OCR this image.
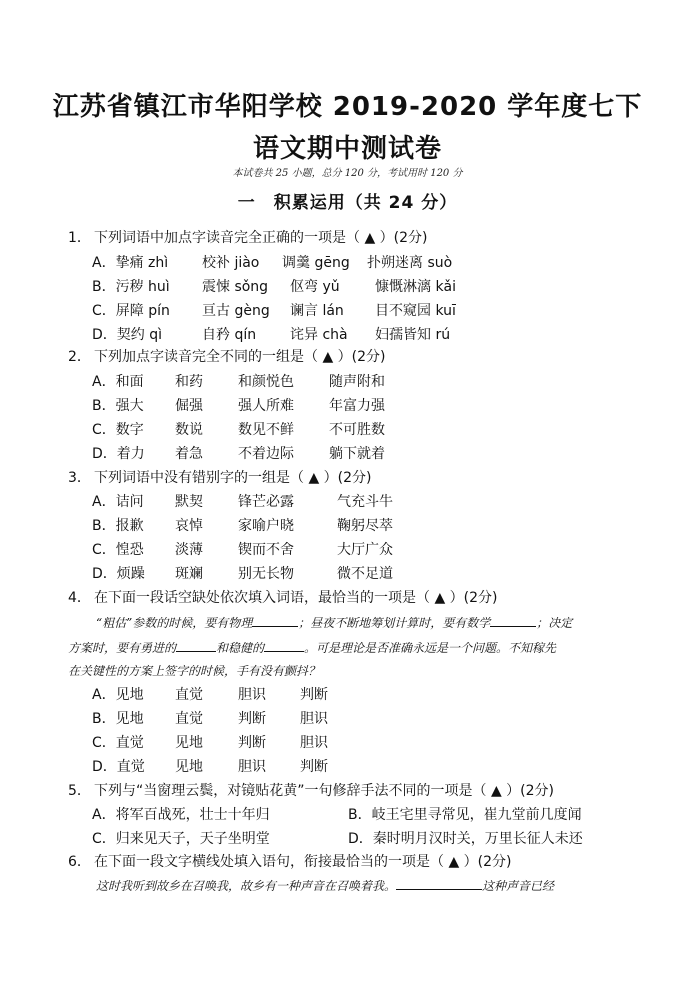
江苏省镇江市华阳学校 2019-2020 学年度七下
语文期中测试卷
本试卷共 25 小题，总分 120 分，考试用时 120 分
一　积累运用（共 24 分）
1． 下列词语中加点字读音完全正确的一项是（ ▲ ）(2分)
A．挚痛 zhì 校补 jiào 调羹 gēng 扑朔迷离 suò
B．污秽 huì 震悚 sǒng 伛弯 yǔ	慷慨淋漓 kǎi
C．屏障 pín 亘古 gèng 谰言 lán 目不窥园 kuī
D．契约 qì	自矜 qín 诧异 chà 妇孺皆知 rú
2． 下列加点字读音完全不同的一组是（ ▲ ）(2分)
A．和面 和药	和颜悦色	随声附和
B．强大 倔强	强人所难	年富力强
C．数字 数说	数见不鲜	不可胜数
D．着力 着急	不着边际	躺下就着
3． 下列词语中没有错别字的一组是（ ▲ ）(2分)
A．诘问 默契	锋芒必露	气充斗牛
B．报歉 哀悼	家喻户晓	鞠躬尽萃
C．惶恐 淡薄	锲而不舍	大厅广众
D．烦躁 斑斓	别无长物	微不足道
4． 在下面一段话空缺处依次填入词语，最恰当的一项是（ ▲ ）(2分)
“粗估”参数的时候，要有物理	；昼夜不断地筹划计算时，要有数学	；决定
方案时，要有勇进的	和稳健的	。可是理论是否准确永远是一个问题。不知稼先
在关键性的方案上签字的时候，手有没有颤抖？
A．见地 直觉	胆识 判断
B．见地 直觉	判断 胆识
C．直觉 见地	判断 胆识
D．直觉 见地	胆识 判断
5． 下列与“当窗理云鬓，对镜贴花黄”一句修辞手法不同的一项是（ ▲ ）(2分)
A．将军百战死，壮士十年归	B．岐王宅里寻常见，崔九堂前几度闻
C．归来见天子，天子坐明堂	D．秦时明月汉时关，万里长征人未还
6． 在下面一段文字横线处填入语句，衔接最恰当的一项是（ ▲ ）(2分)
这时我听到故乡在召唤我，故乡有一种声音在召唤着我。	这种声音已经
